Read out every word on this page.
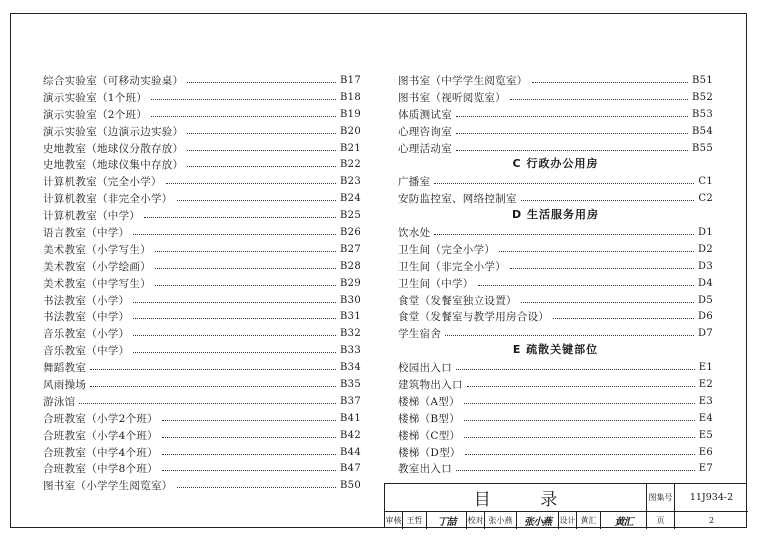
综合实验室（可移动实验桌）	B17
演示实验室（1个班）	B18
演示实验室（2个班）	B19
演示实验室（边演示边实验）	B20
史地教室（地球仪分散存放）	B21
史地教室（地球仪集中存放）	B22
计算机教室（完全小学）	B23
计算机教室（非完全小学）	B24
计算机教室（中学）	B25
语言教室（中学）	B26
美术教室（小学写生）	B27
美术教室（小学绘画）	B28
美术教室（中学写生）	B29
书法教室（小学）	B30
书法教室（中学）	B31
音乐教室（小学）	B32
音乐教室（中学）	B33
舞蹈教室	B34
风雨操场	B35
游泳馆	B37
合班教室（小学2个班）	B41
合班教室（小学4个班）	B42
合班教室（中学4个班）	B44
合班教室（中学8个班）	B47
图书室（小学学生阅览室）	B50
图书室（中学学生阅览室）	B51
图书室（视听阅览室）	B52
体质测试室	B53
心理咨询室	B54
心理活动室	B55
C 行政办公用房
广播室	C1
安防监控室、网络控制室	C2
D 生活服务用房
饮水处	D1
卫生间（完全小学）	D2
卫生间（非完全小学）	D3
卫生间（中学）	D4
食堂（发餐室独立设置）	D5
食堂（发餐室与教学用房合设）	D6
学生宿舍	D7
E 疏散关键部位
校园出入口	E1
建筑物出入口	E2
楼梯（A型）	E3
楼梯（B型）	E4
楼梯（C型）	E5
楼梯（D型）	E6
教室出入口	E7
目 录	图集号	11J934-2
审核 王哲	丁喆	校对 张小燕	张小燕	设计 黄汇	黄汇	页	2
